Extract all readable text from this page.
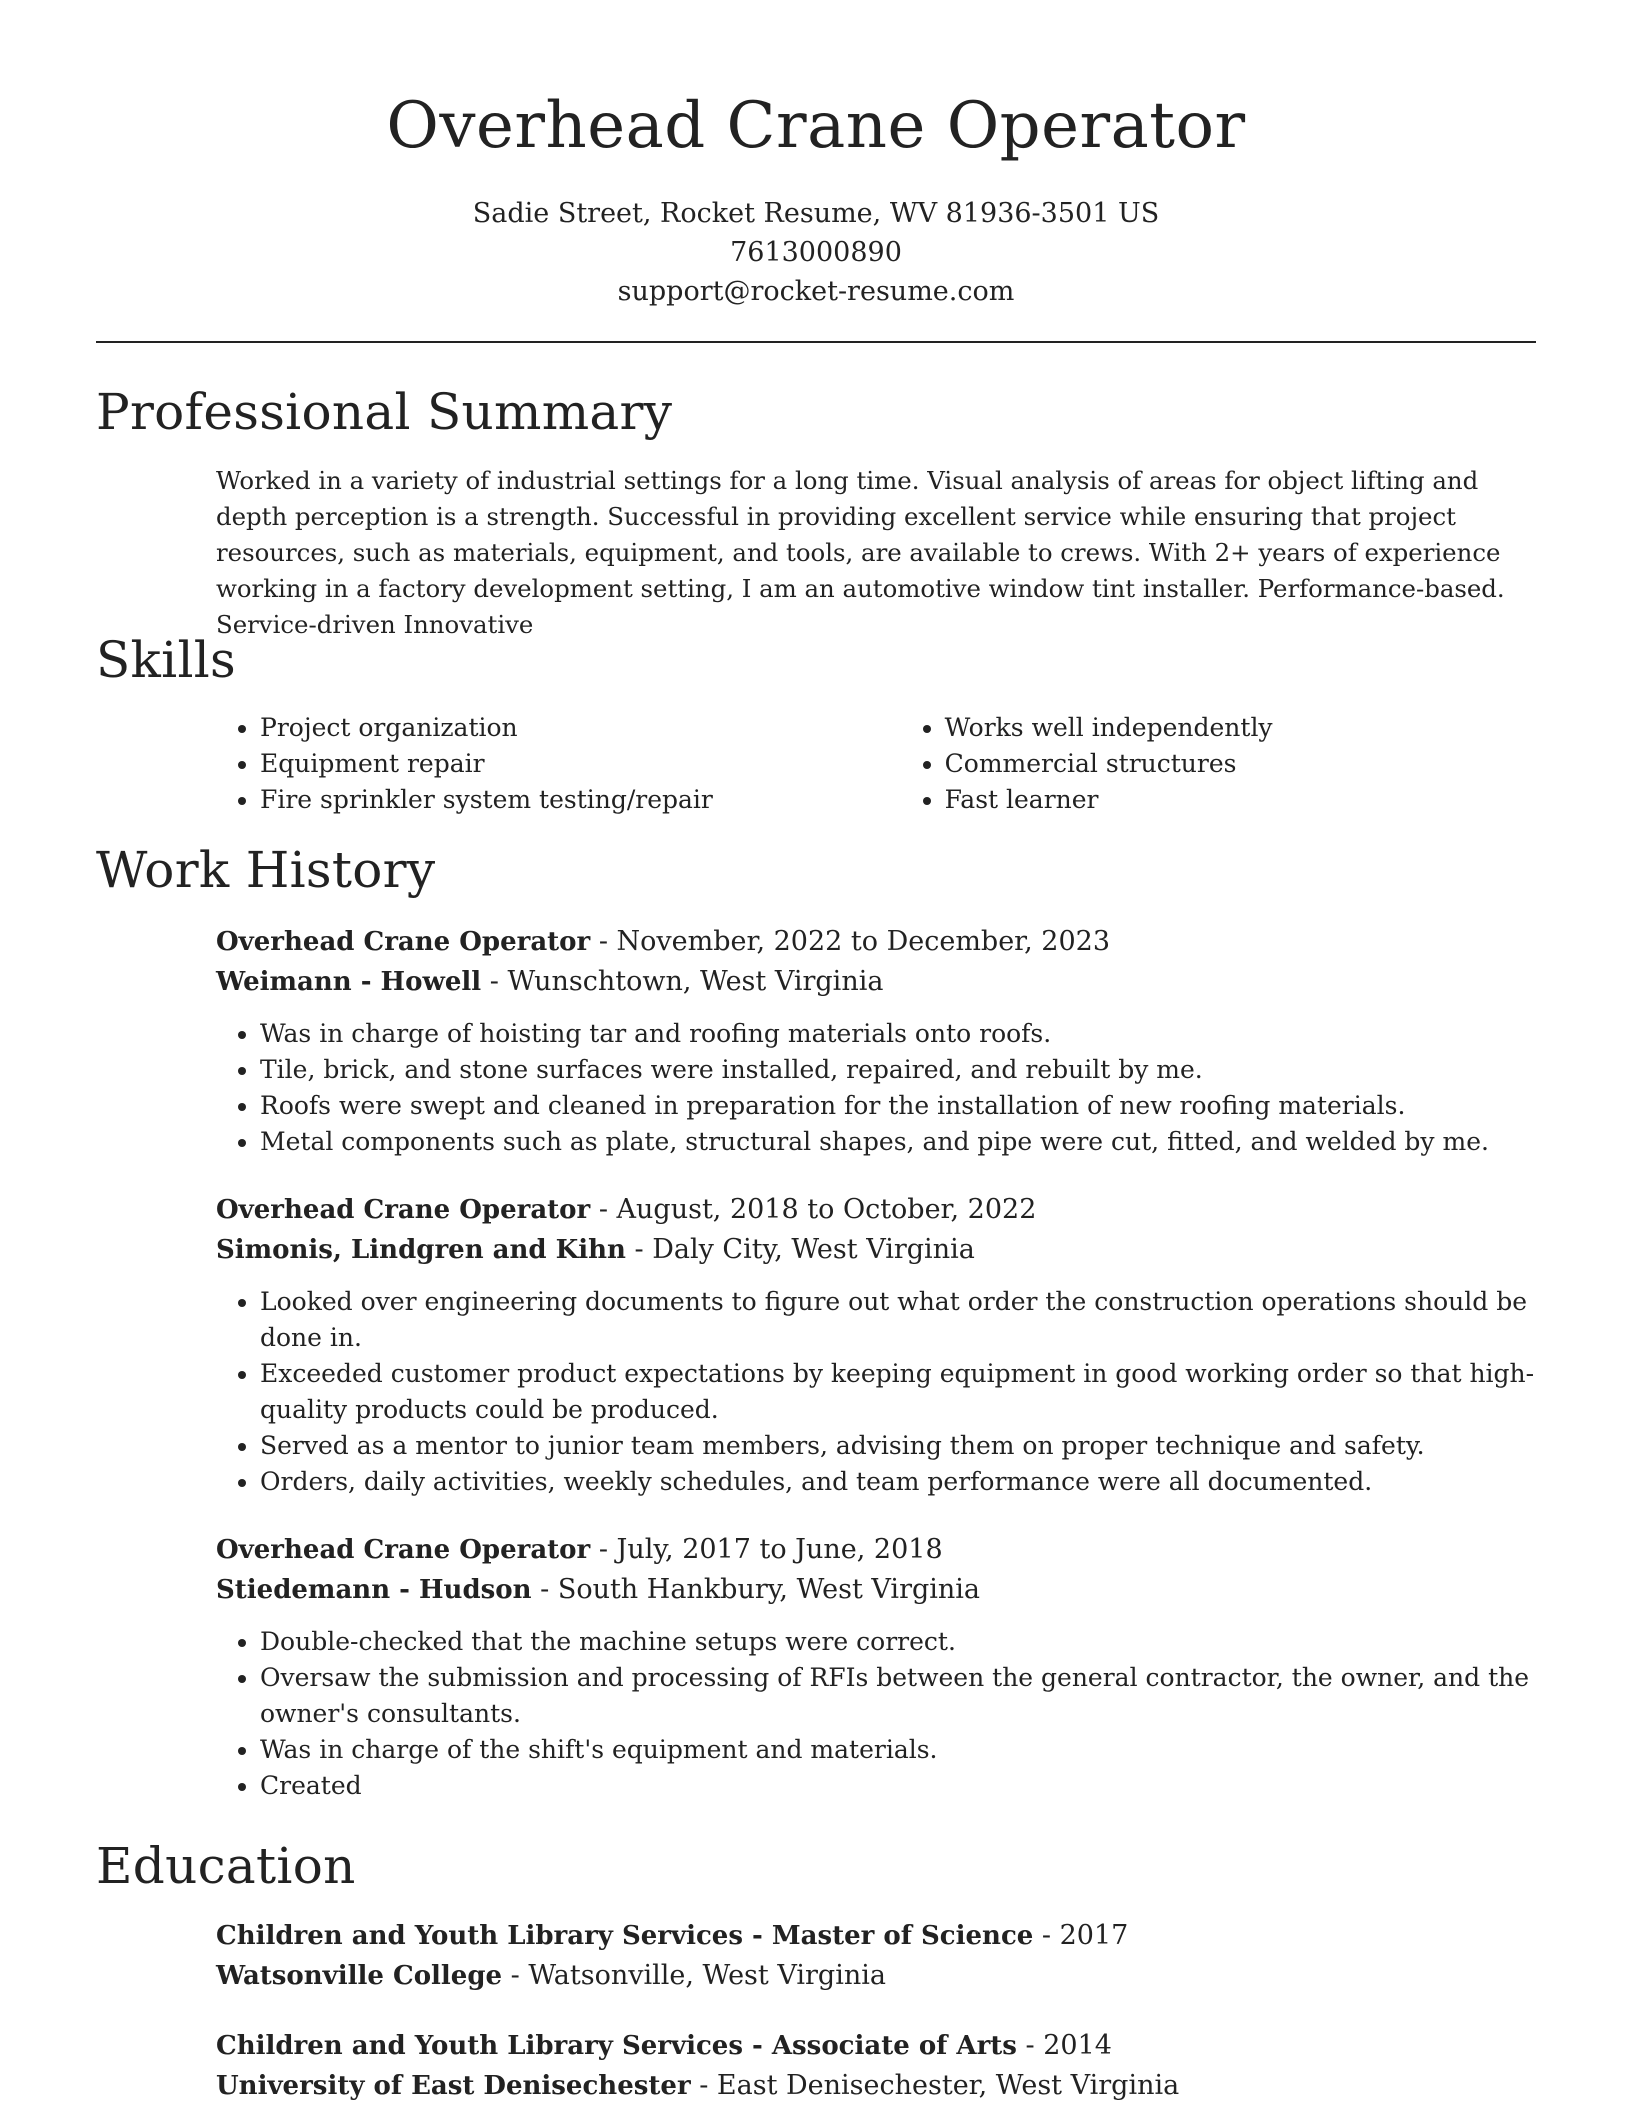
Overhead Crane Operator
Sadie Street, Rocket Resume, WV 81936-3501 US
7613000890
support@rocket-resume.com
Professional Summary

Worked in a variety of industrial settings for a long time. Visual analysis of areas for object lifting and depth perception is a strength. Successful in providing excellent service while ensuring that project resources, such as materials, equipment, and tools, are available to crews. With 2+ years of experience working in a factory development setting, I am an automotive window tint installer. Performance-based. Service-driven Innovative

Skills
• Project organization
• Equipment repair
• Fire sprinkler system testing/repair
• Works well independently
• Commercial structures
• Fast learner
Work History

Overhead Crane Operator - November, 2022 to December, 2023

Weimann - Howell - Wunschtown, West Virginia

• Was in charge of hoisting tar and roofing materials onto roofs.
• Tile, brick, and stone surfaces were installed, repaired, and rebuilt by me.
• Roofs were swept and cleaned in preparation for the installation of new roofing materials.
• Metal components such as plate, structural shapes, and pipe were cut, fitted, and welded by me.

Overhead Crane Operator - August, 2018 to October, 2022

Simonis, Lindgren and Kihn - Daly City, West Virginia

• Looked over engineering documents to figure out what order the construction operations should be done in.
• Exceeded customer product expectations by keeping equipment in good working order so that high-quality products could be produced.
• Served as a mentor to junior team members, advising them on proper technique and safety.
• Orders, daily activities, weekly schedules, and team performance were all documented.

Overhead Crane Operator - July, 2017 to June, 2018

Stiedemann - Hudson - South Hankbury, West Virginia

• Double-checked that the machine setups were correct.
• Oversaw the submission and processing of RFIs between the general contractor, the owner, and the owner's consultants.
• Was in charge of the shift's equipment and materials.
• Created
Education

Children and Youth Library Services - Master of Science - 2017

Watsonville College - Watsonville, West Virginia

Children and Youth Library Services - Associate of Arts - 2014

University of East Denisechester - East Denisechester, West Virginia
